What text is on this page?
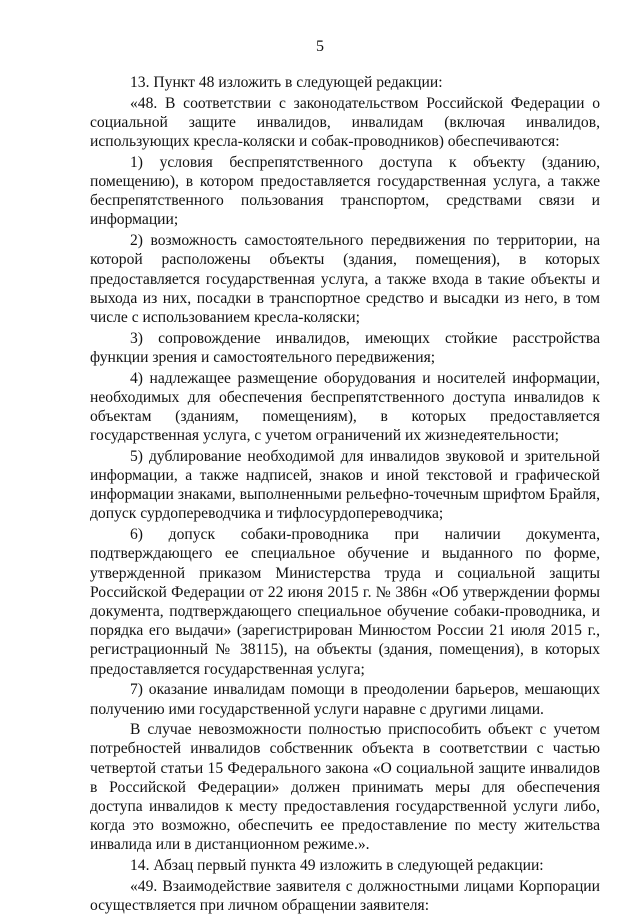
5

13. Пункт 48 изложить в следующей редакции:

«48. В соответствии с законодательством Российской Федерации о социальной защите инвалидов, инвалидам (включая инвалидов, использующих кресла-коляски и собак-проводников) обеспечиваются:

1) условия беспрепятственного доступа к объекту (зданию, помещению), в котором предоставляется государственная услуга, а также беспрепятственного пользования транспортом, средствами связи и информации;

2) возможность самостоятельного передвижения по территории, на которой расположены объекты (здания, помещения), в которых предоставляется государственная услуга, а также входа в такие объекты и выхода из них, посадки в транспортное средство и высадки из него, в том числе с использованием кресла-коляски;

3) сопровождение инвалидов, имеющих стойкие расстройства функции зрения и самостоятельного передвижения;

4) надлежащее размещение оборудования и носителей информации, необходимых для обеспечения беспрепятственного доступа инвалидов к объектам (зданиям, помещениям), в которых предоставляется государственная услуга, с учетом ограничений их жизнедеятельности;

5) дублирование необходимой для инвалидов звуковой и зрительной информации, а также надписей, знаков и иной текстовой и графической информации знаками, выполненными рельефно-точечным шрифтом Брайля, допуск сурдопереводчика и тифлосурдопереводчика;

6) допуск собаки-проводника при наличии документа, подтверждающего ее специальное обучение и выданного по форме, утвержденной приказом Министерства труда и социальной защиты Российской Федерации от 22 июня 2015 г. № 386н «Об утверждении формы документа, подтверждающего специальное обучение собаки-проводника, и порядка его выдачи» (зарегистрирован Минюстом России 21 июля 2015 г., регистрационный № 38115), на объекты (здания, помещения), в которых предоставляется государственная услуга;

7) оказание инвалидам помощи в преодолении барьеров, мешающих получению ими государственной услуги наравне с другими лицами.

В случае невозможности полностью приспособить объект с учетом потребностей инвалидов собственник объекта в соответствии с частью четвертой статьи 15 Федерального закона «О социальной защите инвалидов в Российской Федерации» должен принимать меры для обеспечения доступа инвалидов к месту предоставления государственной услуги либо, когда это возможно, обеспечить ее предоставление по месту жительства инвалида или в дистанционном режиме.».

14. Абзац первый пункта 49 изложить в следующей редакции:

«49. Взаимодействие заявителя с должностными лицами Корпорации осуществляется при личном обращении заявителя:
